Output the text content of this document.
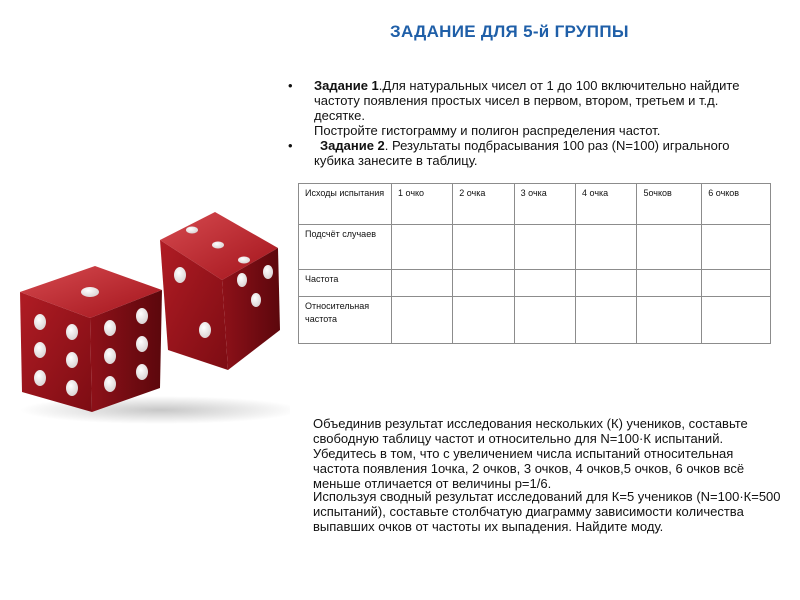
ЗАДАНИЕ ДЛЯ 5-й ГРУППЫ
• Задание 1.Для натуральных чисел от 1 до 100 включительно найдите частоту появления простых чисел в первом, втором, третьем и т.д. десятке.
Постройте гистограмму и полигон распределения частот.
• Задание 2. Результаты подбрасывания 100 раз (N=100) игрального кубика занесите в таблицу.
Исходы испытания	1 очко	2 очка	3 очка	4 очка	5очков	6 очков
Подсчёт случаев						
Частота						
Относительная частота						
Объединив результат исследования нескольких (К) учеников, составьте свободную таблицу частот и относительно для N=100·К испытаний. Убедитесь в том, что с увеличением числа испытаний относительная частота появления 1очка, 2 очков, 3 очков, 4 очков,5 очков, 6 очков всё меньше отличается от величины р=1/6.
Используя сводный результат исследований для К=5 учеников (N=100·К=500 испытаний), составьте столбчатую диаграмму зависимости количества выпавших очков от частоты их выпадения. Найдите моду.
